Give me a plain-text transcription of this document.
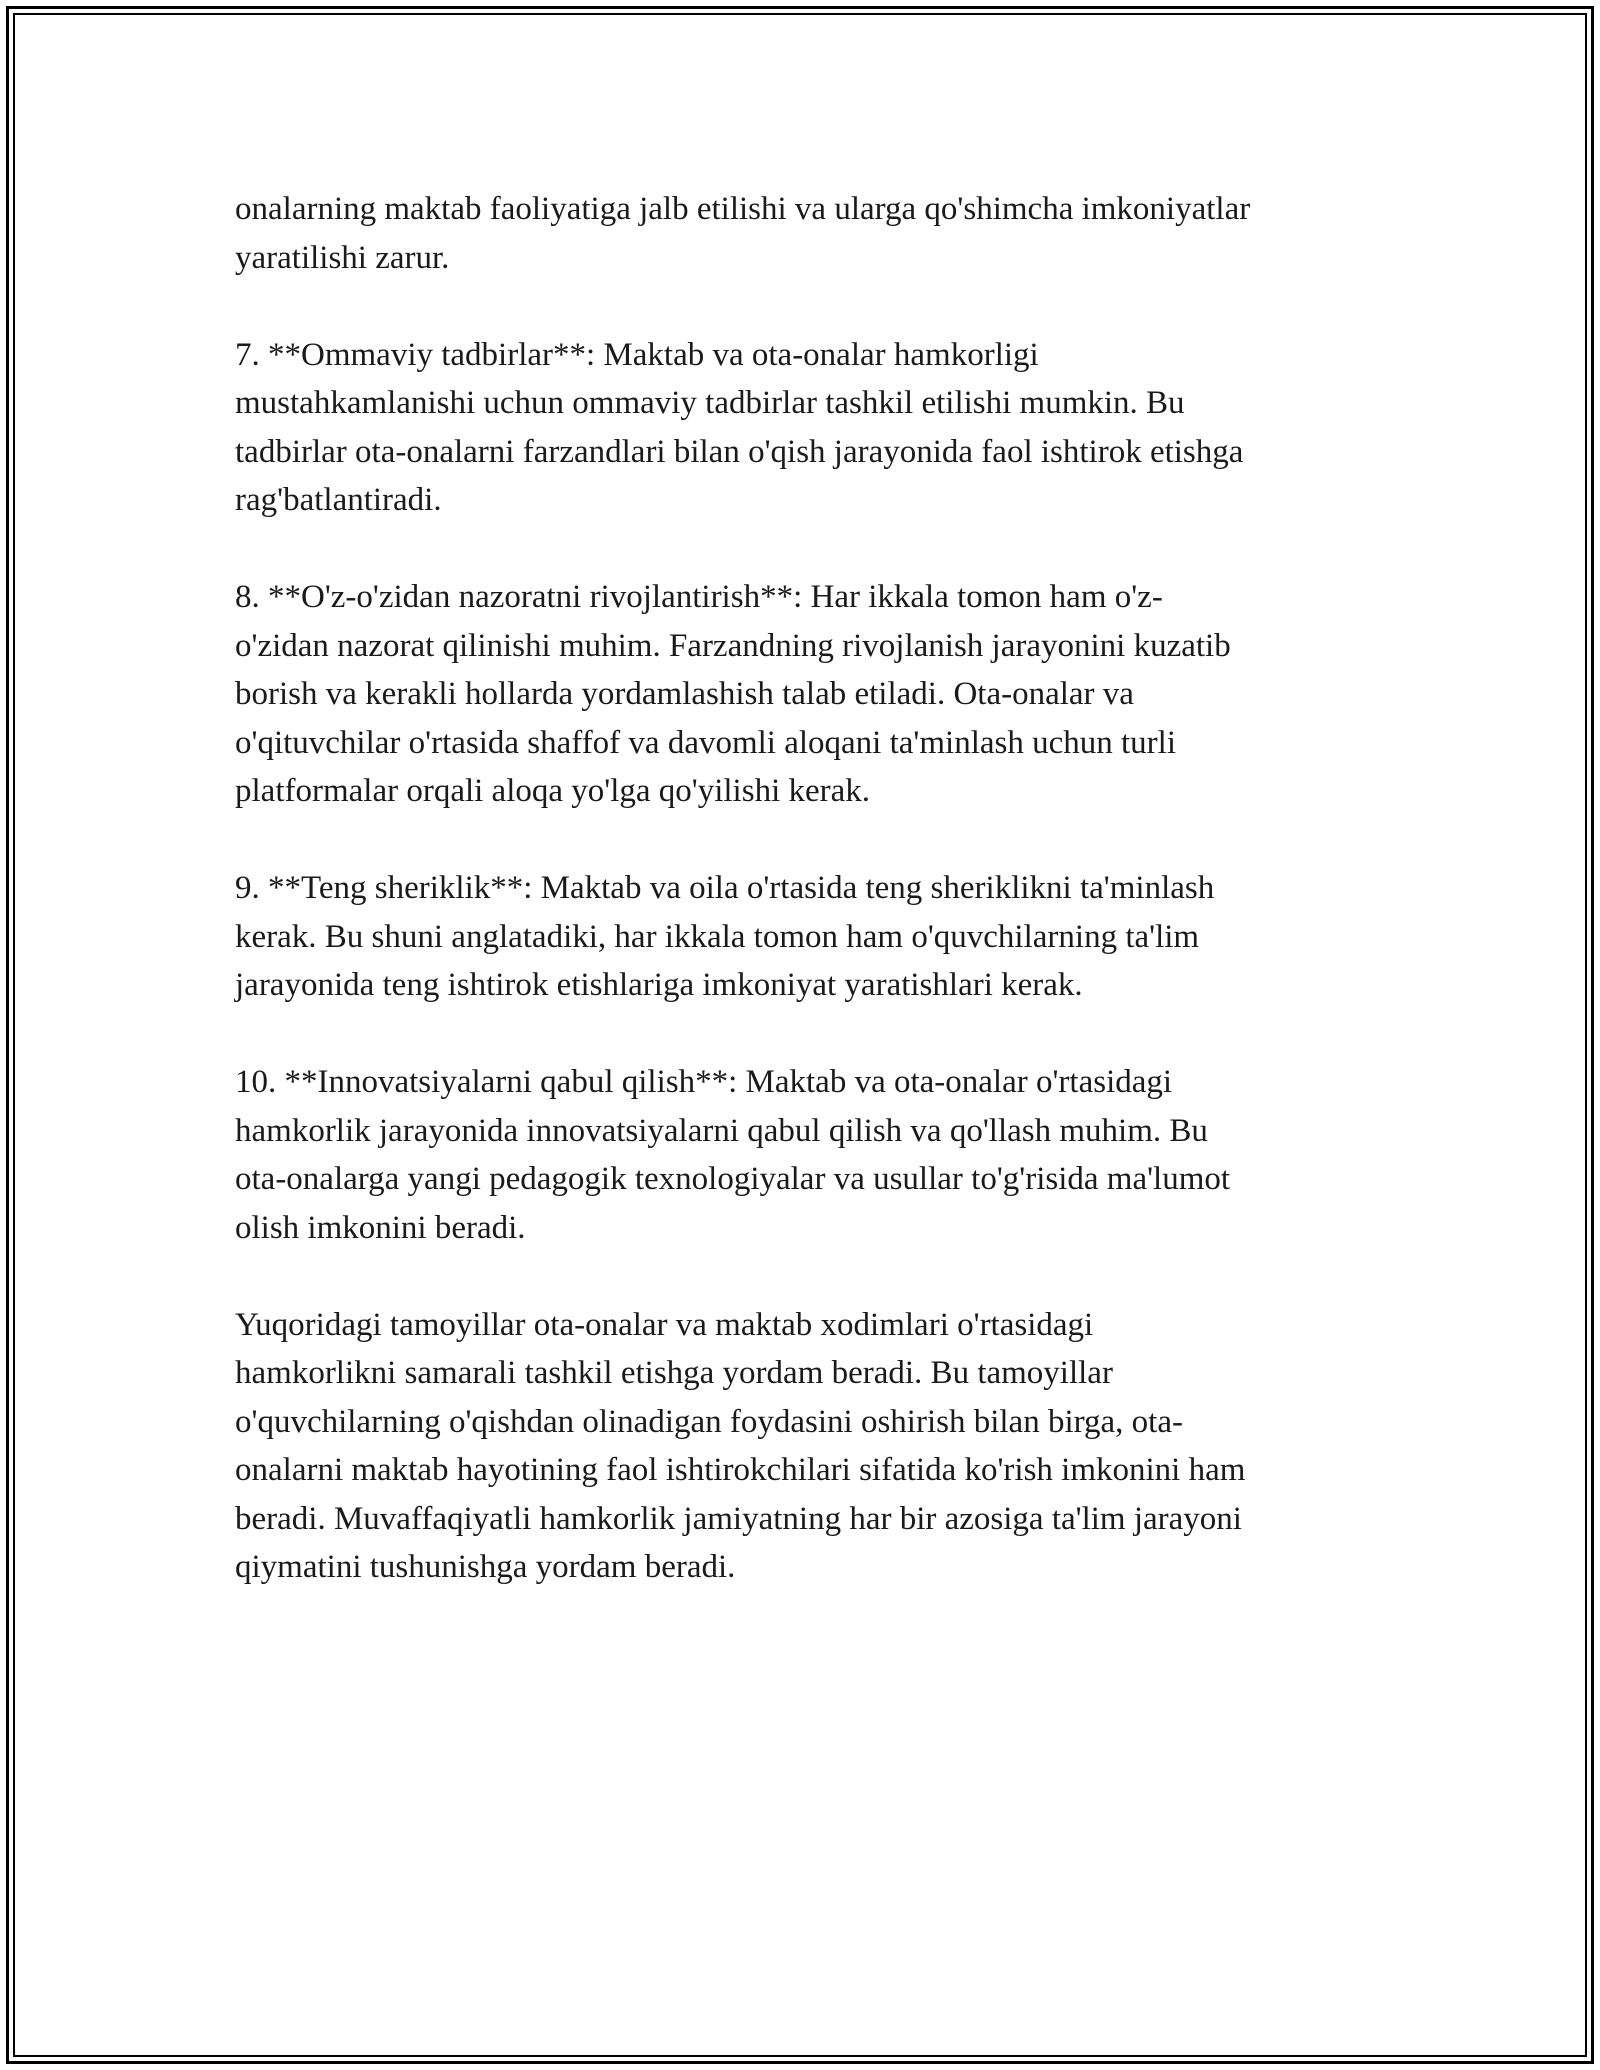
onalarning maktab faoliyatiga jalb etilishi va ularga qo'shimcha imkoniyatlar
yaratilishi zarur.

7. **Ommaviy tadbirlar**: Maktab va ota-onalar hamkorligi
mustahkamlanishi uchun ommaviy tadbirlar tashkil etilishi mumkin. Bu
tadbirlar ota-onalarni farzandlari bilan o'qish jarayonida faol ishtirok etishga
rag'batlantiradi.

8. **O'z-o'zidan nazoratni rivojlantirish**: Har ikkala tomon ham o'z-
o'zidan nazorat qilinishi muhim. Farzandning rivojlanish jarayonini kuzatib
borish va kerakli hollarda yordamlashish talab etiladi. Ota-onalar va
o'qituvchilar o'rtasida shaffof va davomli aloqani ta'minlash uchun turli
platformalar orqali aloqa yo'lga qo'yilishi kerak.

9. **Teng sheriklik**: Maktab va oila o'rtasida teng sheriklikni ta'minlash
kerak. Bu shuni anglatadiki, har ikkala tomon ham o'quvchilarning ta'lim
jarayonida teng ishtirok etishlariga imkoniyat yaratishlari kerak.

10. **Innovatsiyalarni qabul qilish**: Maktab va ota-onalar o'rtasidagi
hamkorlik jarayonida innovatsiyalarni qabul qilish va qo'llash muhim. Bu
ota-onalarga yangi pedagogik texnologiyalar va usullar to'g'risida ma'lumot
olish imkonini beradi.

Yuqoridagi tamoyillar ota-onalar va maktab xodimlari o'rtasidagi
hamkorlikni samarali tashkil etishga yordam beradi. Bu tamoyillar
o'quvchilarning o'qishdan olinadigan foydasini oshirish bilan birga, ota-
onalarni maktab hayotining faol ishtirokchilari sifatida ko'rish imkonini ham
beradi. Muvaffaqiyatli hamkorlik jamiyatning har bir azosiga ta'lim jarayoni
qiymatini tushunishga yordam beradi.
